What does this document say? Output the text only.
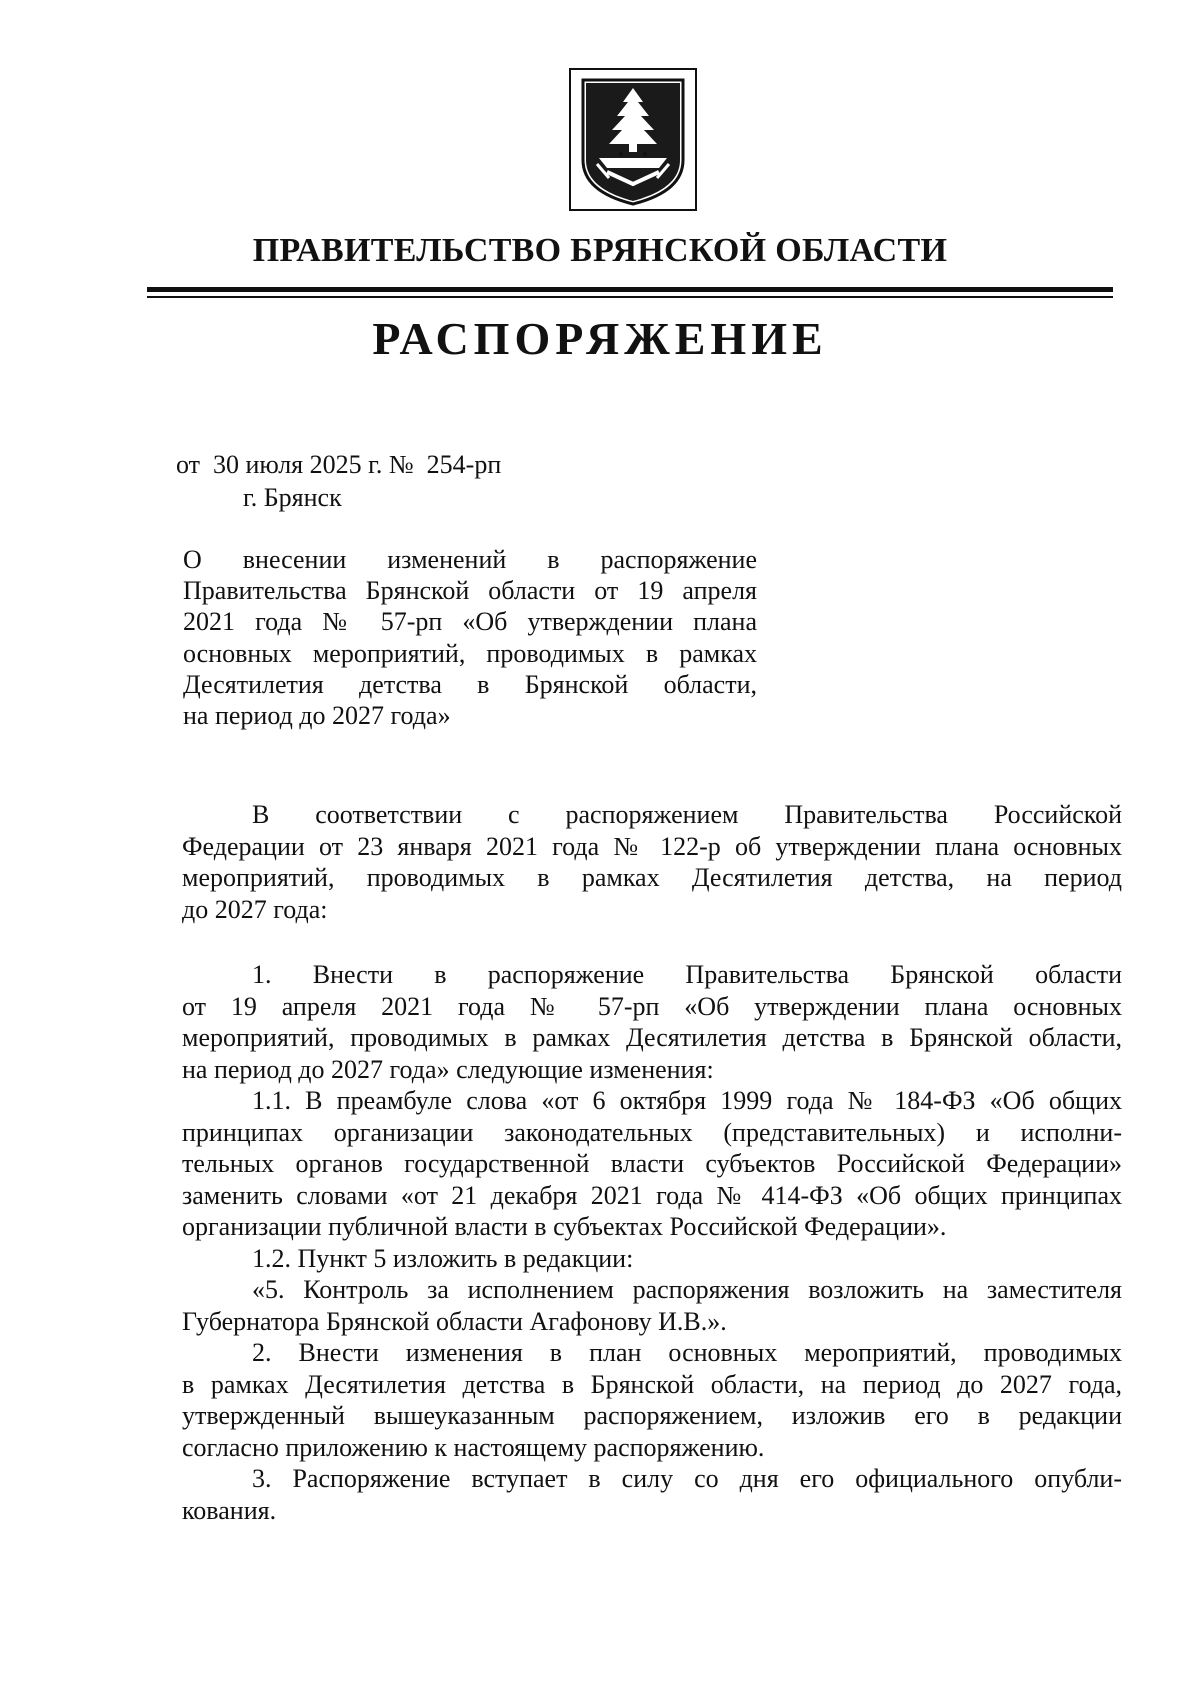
ПРАВИТЕЛЬСТВО БРЯНСКОЙ ОБЛАСТИ
РАСПОРЯЖЕНИЕ
от  30 июля 2025 г. №  254-рп
г. Брянск
О внесении изменений в распоряжение
Правительства Брянской области от 19 апреля
2021 года № 57-рп «Об утверждении плана
основных мероприятий, проводимых в рамках
Десятилетия детства в Брянской области,
на период до 2027 года»
В соответствии с распоряжением Правительства Российской
Федерации от 23 января 2021 года № 122-р об утверждении плана основных
мероприятий, проводимых в рамках Десятилетия детства, на период
до 2027 года:
1. Внести в распоряжение Правительства Брянской области
от 19 апреля 2021 года № 57-рп «Об утверждении плана основных
мероприятий, проводимых в рамках Десятилетия детства в Брянской области,
на период до 2027 года» следующие изменения:
1.1. В преамбуле слова «от 6 октября 1999 года № 184-ФЗ «Об общих
принципах организации законодательных (представительных) и исполни-
тельных органов государственной власти субъектов Российской Федерации»
заменить словами «от 21 декабря 2021 года № 414-ФЗ «Об общих принципах
организации публичной власти в субъектах Российской Федерации».
1.2. Пункт 5 изложить в редакции:
«5. Контроль за исполнением распоряжения возложить на заместителя
Губернатора Брянской области Агафонову И.В.».
2. Внести изменения в план основных мероприятий, проводимых
в рамках Десятилетия детства в Брянской области, на период до 2027 года,
утвержденный вышеуказанным распоряжением, изложив его в редакции
согласно приложению к настоящему распоряжению.
3. Распоряжение вступает в силу со дня его официального опубли-
кования.
